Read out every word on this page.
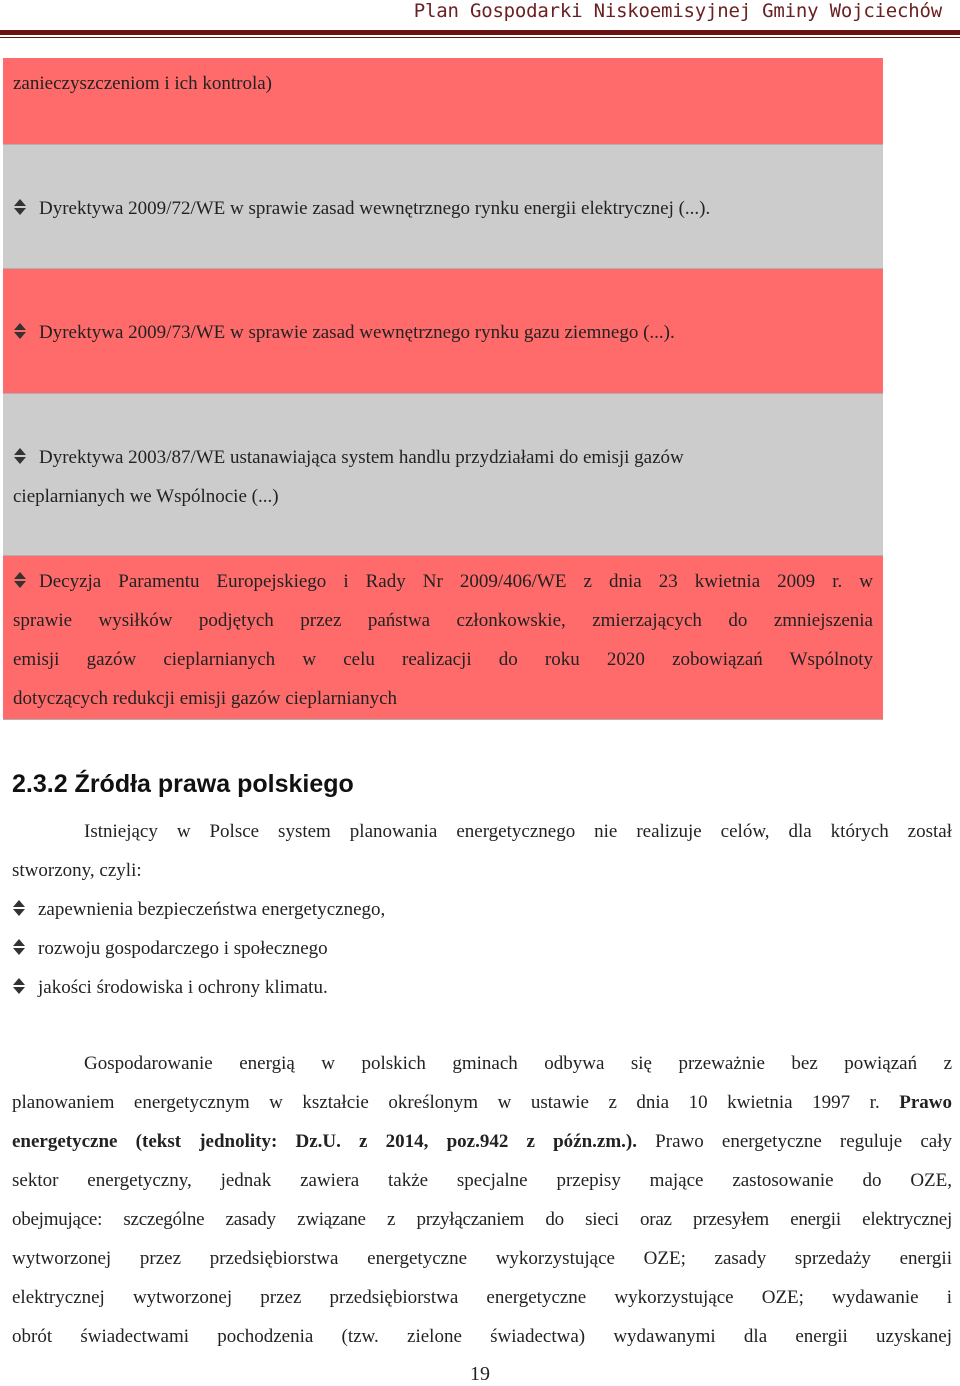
Plan Gospodarki Niskoemisyjnej Gminy Wojciechów
zanieczyszczeniom i ich kontrola)
Dyrektywa 2009/72/WE w sprawie zasad wewnętrznego rynku energii elektrycznej (...).
Dyrektywa 2009/73/WE w sprawie zasad wewnętrznego rynku gazu ziemnego (...).
Dyrektywa 2003/87/WE ustanawiająca system handlu przydziałami do emisji gazów
cieplarnianych we Wspólnocie (...)
Decyzja Paramentu Europejskiego i Rady Nr 2009/406/WE z dnia 23 kwietnia 2009 r. w
sprawie wysiłków podjętych przez państwa członkowskie, zmierzających do zmniejszenia
emisji gazów cieplarnianych w celu realizacji do roku 2020 zobowiązań Wspólnoty
dotyczących redukcji emisji gazów cieplarnianych
2.3.2 Źródła prawa polskiego
Istniejący w Polsce system planowania energetycznego nie realizuje celów, dla których został
stworzony, czyli:
zapewnienia bezpieczeństwa energetycznego,
rozwoju gospodarczego i społecznego
jakości środowiska i ochrony klimatu.
Gospodarowanie energią w polskich gminach odbywa się przeważnie bez powiązań z
planowaniem energetycznym w kształcie określonym w ustawie z dnia 10 kwietnia 1997 r. Prawo
energetyczne (tekst jednolity: Dz.U. z 2014, poz.942 z późn.zm.). Prawo energetyczne reguluje cały
sektor energetyczny, jednak zawiera także specjalne przepisy mające zastosowanie do OZE,
obejmujące: szczególne zasady związane z przyłączaniem do sieci oraz przesyłem energii elektrycznej
wytworzonej przez przedsiębiorstwa energetyczne wykorzystujące OZE; zasady sprzedaży energii
elektrycznej wytworzonej przez przedsiębiorstwa energetyczne wykorzystujące OZE; wydawanie i
obrót świadectwami pochodzenia (tzw. zielone świadectwa) wydawanymi dla energii uzyskanej
19
